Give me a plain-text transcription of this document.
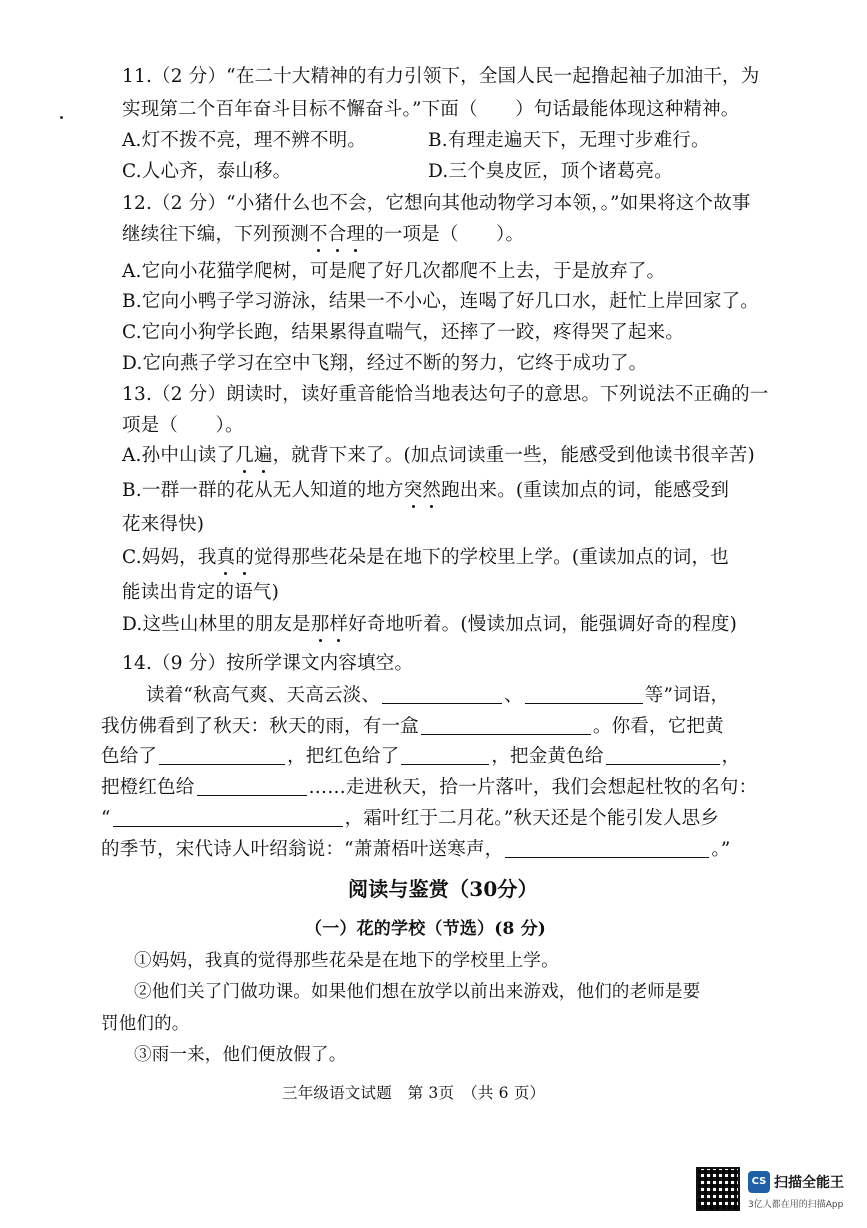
11.（2 分）“在二十大精神的有力引领下，全国人民一起撸起袖子加油干，为
实现第二个百年奋斗目标不懈奋斗。”下面（　　）句话最能体现这种精神。
A.灯不拨不亮，理不辨不明。	B.有理走遍天下，无理寸步难行。
C.人心齐，泰山移。	D.三个臭皮匠，顶个诸葛亮。
12.（2 分）“小猪什么也不会，它想向其他动物学习本领，。”如果将这个故事
继续往下编，下列预测不合理的一项是（　　）。
A.它向小花猫学爬树，可是爬了好几次都爬不上去，于是放弃了。
B.它向小鸭子学习游泳，结果一不小心，连喝了好几口水，赶忙上岸回家了。
C.它向小狗学长跑，结果累得直喘气，还摔了一跤，疼得哭了起来。
D.它向燕子学习在空中飞翔，经过不断的努力，它终于成功了。
13.（2 分）朗读时，读好重音能恰当地表达句子的意思。下列说法不正确的一
项是（　　）。
A.孙中山读了几遍，就背下来了。(加点词读重一些，能感受到他读书很辛苦)
B.一群一群的花从无人知道的地方突然跑出来。(重读加点的词，能感受到
花来得快)
C.妈妈，我真的觉得那些花朵是在地下的学校里上学。(重读加点的词，也
能读出肯定的语气)
D.这些山林里的朋友是那样好奇地听着。(慢读加点词，能强调好奇的程度)
14.（9 分）按所学课文内容填空。
读着“秋高气爽、天高云淡、	、	等”词语，
我仿佛看到了秋天：秋天的雨，有一盒	。你看，它把黄
色给了	，把红色给了	，把金黄色给	，
把橙红色给	……走进秋天，拾一片落叶，我们会想起杜牧的名句：
“	，霜叶红于二月花。”秋天还是个能引发人思乡
的季节，宋代诗人叶绍翁说：“萧萧梧叶送寒声，	。”
阅读与鉴赏（30分）
（一）花的学校（节选）(8 分)
①妈妈，我真的觉得那些花朵是在地下的学校里上学。
②他们关了门做功课。如果他们想在放学以前出来游戏，他们的老师是要
罚他们的。
③雨一来，他们便放假了。
三年级语文试题　第 3页　（共 6 页）
CS 扫描全能王
3亿人都在用的扫描App
